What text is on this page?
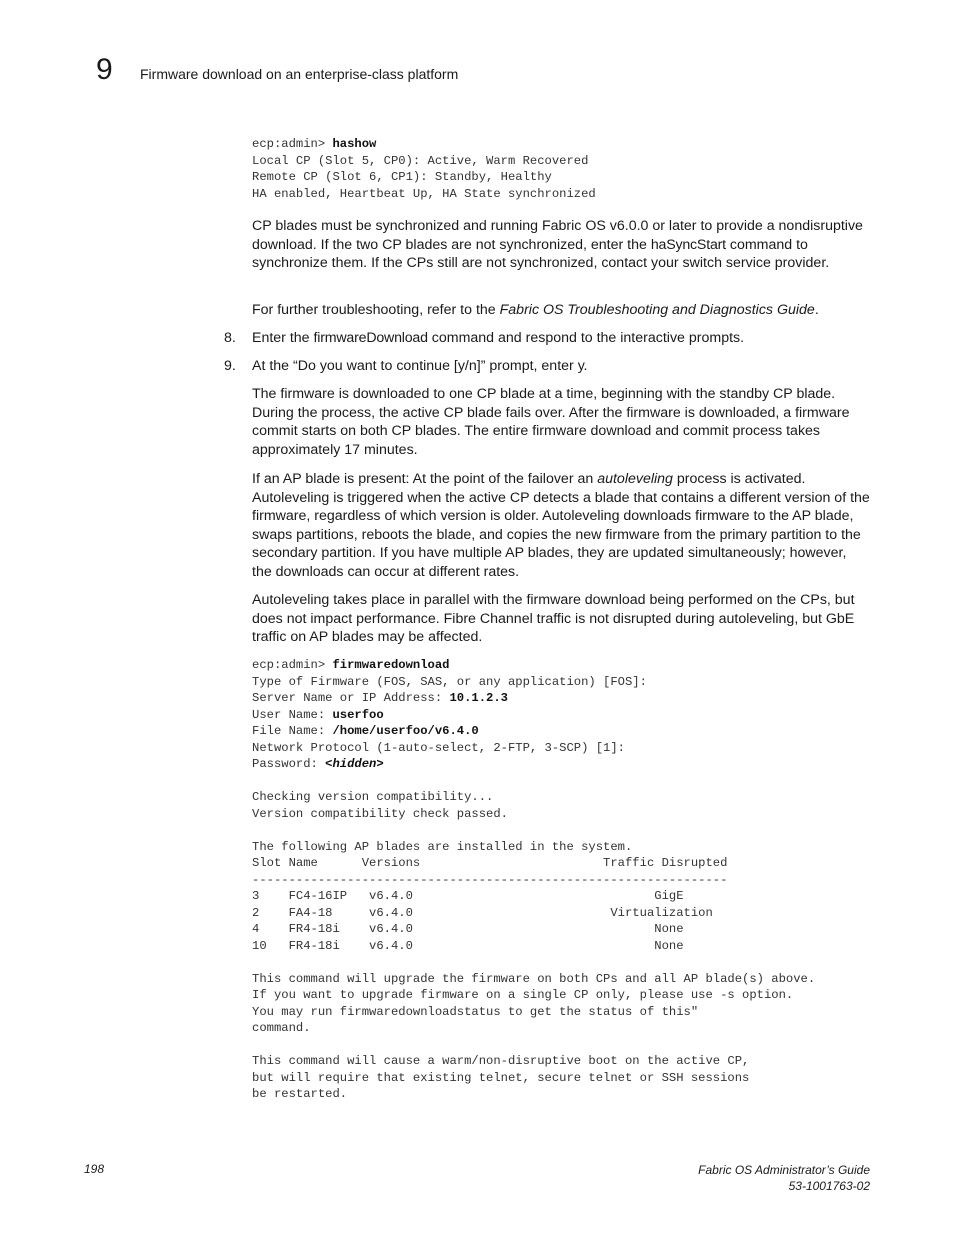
9 Firmware download on an enterprise-class platform
ecp:admin> hashow
Local CP (Slot 5, CP0): Active, Warm Recovered
Remote CP (Slot 6, CP1): Standby, Healthy
HA enabled, Heartbeat Up, HA State synchronized

CP blades must be synchronized and running Fabric OS v6.0.0 or later to provide a nondisruptive download. If the two CP blades are not synchronized, enter the haSyncStart command to synchronize them. If the CPs still are not synchronized, contact your switch service provider.

For further troubleshooting, refer to the Fabric OS Troubleshooting and Diagnostics Guide.

8. Enter the firmwareDownload command and respond to the interactive prompts.
9. At the “Do you want to continue [y/n]” prompt, enter y.

The firmware is downloaded to one CP blade at a time, beginning with the standby CP blade. During the process, the active CP blade fails over. After the firmware is downloaded, a firmware commit starts on both CP blades. The entire firmware download and commit process takes approximately 17 minutes.

If an AP blade is present: At the point of the failover an autoleveling process is activated. Autoleveling is triggered when the active CP detects a blade that contains a different version of the firmware, regardless of which version is older. Autoleveling downloads firmware to the AP blade, swaps partitions, reboots the blade, and copies the new firmware from the primary partition to the secondary partition. If you have multiple AP blades, they are updated simultaneously; however, the downloads can occur at different rates.

Autoleveling takes place in parallel with the firmware download being performed on the CPs, but does not impact performance. Fibre Channel traffic is not disrupted during autoleveling, but GbE traffic on AP blades may be affected.

ecp:admin> firmwaredownload
Type of Firmware (FOS, SAS, or any application) [FOS]:
Server Name or IP Address: 10.1.2.3
User Name: userfoo
File Name: /home/userfoo/v6.4.0
Network Protocol (1-auto-select, 2-FTP, 3-SCP) [1]:
Password: <hidden>

Checking version compatibility...
Version compatibility check passed.

The following AP blades are installed in the system.
Slot Name      Versions                         Traffic Disrupted
-----------------------------------------------------------------
3    FC4-16IP   v6.4.0                                 GigE
2    FA4-18     v6.4.0                           Virtualization
4    FR4-18i    v6.4.0                                 None
10   FR4-18i    v6.4.0                                 None

This command will upgrade the firmware on both CPs and all AP blade(s) above.
If you want to upgrade firmware on a single CP only, please use -s option.
You may run firmwaredownloadstatus to get the status of this"
command.

This command will cause a warm/non-disruptive boot on the active CP,
but will require that existing telnet, secure telnet or SSH sessions
be restarted.
198	Fabric OS Administrator’s Guide
53-1001763-02
